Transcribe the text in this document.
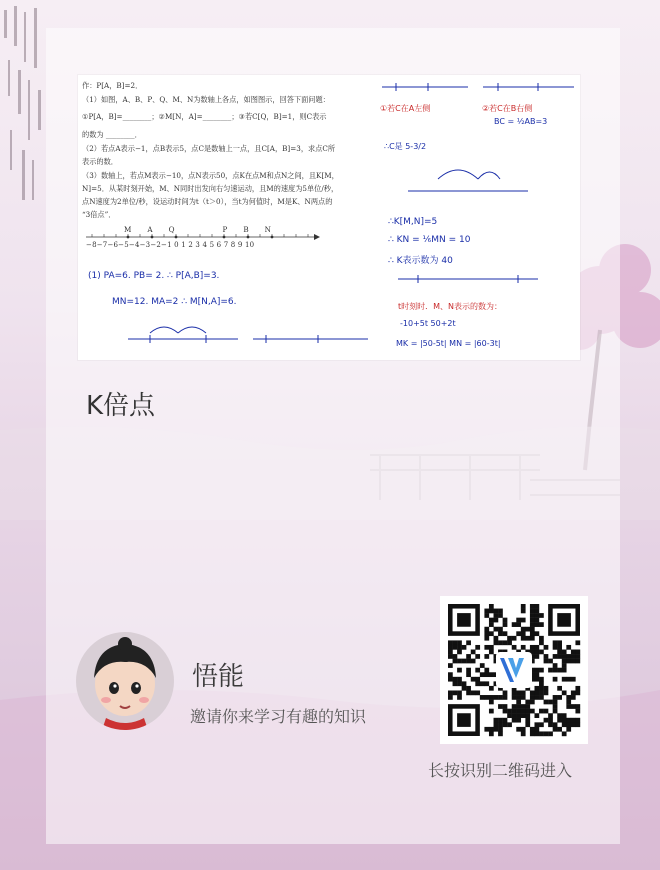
作：P[A，B]=2．
（1）如图，A、B、P、Q、M、N为数轴上各点，如图图示，回答下面问题：
①P[A，B]=________；②M[N，A]=________；③若C[Q，B]=1，则C表示
的数为 ________．
（2）若点A表示−1，点B表示5，点C是数轴上一点，且C[A，B]=3，求点C所
表示的数．
（3）数轴上，若点M表示−10，点N表示50，点K在点M和点N之间，且K[M，
N]=5．从某时刻开始，M、N同时出发向右匀速运动，且M的速度为5单位/秒，
点N速度为2单位/秒，设运动时间为t（t＞0），当t为何值时，M是K、N两点的
“3倍点”．
MAQ	PBN
−8−7−6−5−4−3−2−1 0 1 2 3 4 5 6 7 8 9 10
(1) PA=6. PB= 2. ∴ P[A,B]=3.
MN=12. MA=2 ∴ M[N,A]=6.
①若C在A左侧	②若C在B右侧
BC = ½AB=3
∴C是 5-3/2
∴K[M,N]=5
∴ KN = ⅙MN = 10
∴ K表示数为 40
t时刻时．M、N表示的数为：
-10+5t 50+2t
MK = |50-5t| MN = |60-3t|
K倍点
悟能
邀请你来学习有趣的知识
长按识别二维码进入
